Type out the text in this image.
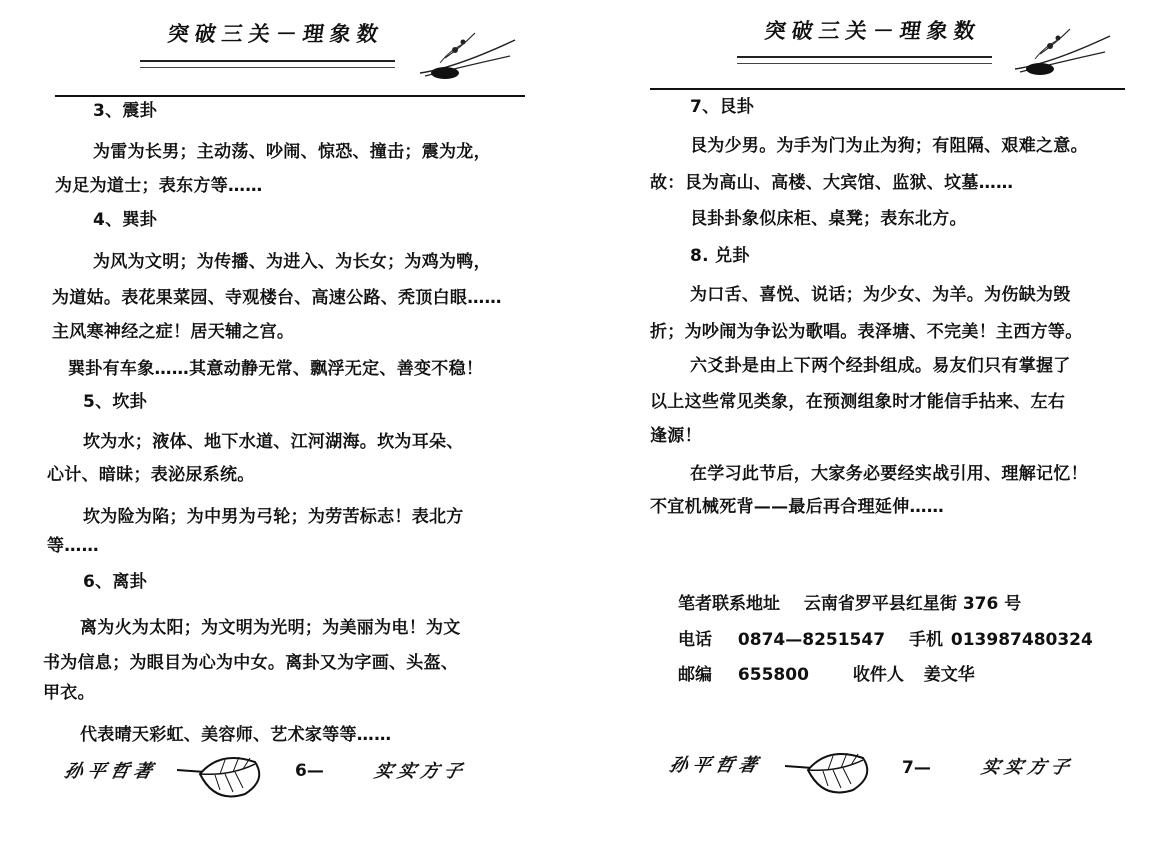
突破三关－理象数
3、震卦
为雷为长男；主动荡、吵闹、惊恐、撞击；震为龙，
为足为道士；表东方等……
4、巽卦
为风为文明；为传播、为进入、为长女；为鸡为鸭，
为道姑。表花果菜园、寺观楼台、高速公路、秃顶白眼……
主风寒神经之症！居天辅之宫。
巽卦有车象……其意动静无常、飘浮无定、善变不稳！
5、坎卦
坎为水；液体、地下水道、江河湖海。坎为耳朵、
心计、暗昧；表泌尿系统。
坎为险为陷；为中男为弓轮；为劳苦标志！表北方
等……
6、离卦
离为火为太阳；为文明为光明；为美丽为电！为文
书为信息；为眼目为心为中女。离卦又为字画、头盔、
甲衣。
代表晴天彩虹、美容师、艺术家等等……
孙平哲著	6—	实实方子
突破三关－理象数
7、艮卦
艮为少男。为手为门为止为狗；有阻隔、艰难之意。
故：艮为高山、高楼、大宾馆、监狱、坟墓……
艮卦卦象似床柜、桌凳；表东北方。
8. 兑卦
为口舌、喜悦、说话；为少女、为羊。为伤缺为毁
折；为吵闹为争讼为歌唱。表泽塘、不完美！主西方等。
六爻卦是由上下两个经卦组成。易友们只有掌握了
以上这些常见类象，在预测组象时才能信手拈来、左右
逢源！
在学习此节后，大家务必要经实战引用、理解记忆！
不宜机械死背——最后再合理延伸……
笔者联系地址 云南省罗平县红星街 376 号
电话 0874—8251547 手机 013987480324
邮编 655800	收件人 姜文华
孙平哲著	7—	实实方子
